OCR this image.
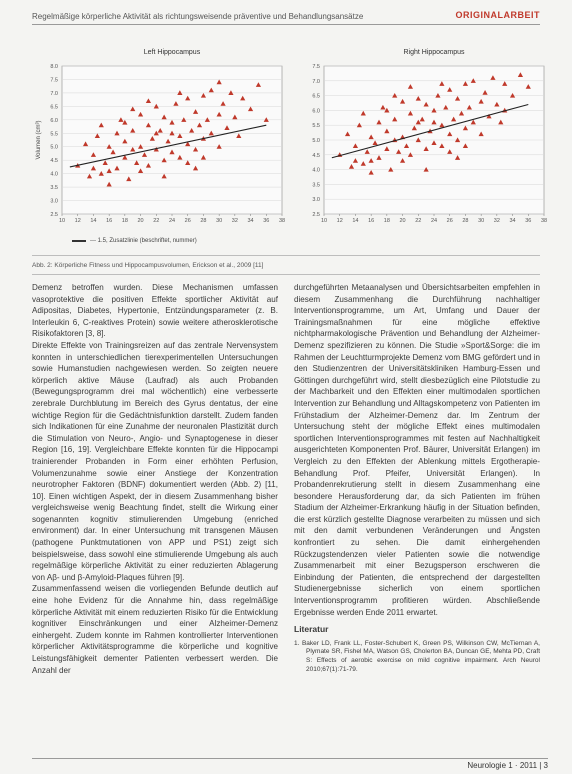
Regelmäßige körperliche Aktivität als richtungsweisende präventive und Behandlungsansätze	ORIGINALARBEIT
Left Hippocampus
2.5
3.0
3.5
4.0
4.5
5.0
5.5
6.0
6.5
7.0
7.5
8.0
10 12 14 16 18 20 22 24 26 28 30 32 34 36 38
Volumen (cm³)
Right Hippocampus
2.5
3.0
3.5
4.0
4.5
5.0
5.5
6.0
6.5
7.0
7.5
10 12 14 16 18 20 22 24 26 28 30 32 34 36 38
--- 1.5, Zusatzlinie (beschriftet, nummer)
Abb. 2: Körperliche Fitness und Hippocampusvolumen, Erickson et al., 2009 [11]

Demenz betroffen wurden. Diese Mechanismen umfassen vasoprotektive die positiven Effekte sportlicher Aktivität auf Adipositas, Diabetes, Hypertonie, Entzündungsparameter (z. B. Interleukin 6, C-reaktives Protein) sowie weitere atherosklerotische Risikofaktoren [3, 8].

Direkte Effekte von Trainingsreizen auf das zentrale Nervensystem konnten in unterschiedlichen tierexperimentellen Untersuchungen sowie Humanstudien nachgewiesen werden. So zeigten neuere körperlich aktive Mäuse (Laufrad) als auch Probanden (Bewegungsprogramm drei mal wöchentlich) eine verbesserte zerebrale Durchblutung im Bereich des Gyrus dentatus, der eine wichtige Region für die Gedächtnisfunktion darstellt. Zudem fanden sich Indikationen für eine Zunahme der neuronalen Plastizität durch die Stimulation von Neuro-, Angio- und Synaptogenese in dieser Region [16, 19]. Vergleichbare Effekte konnten für die Hippocampi trainierender Probanden in Form einer erhöhten Perfusion, Volumenzunahme sowie einer Anstiege der Konzentration neurotropher Faktoren (BDNF) dokumentiert werden (Abb. 2) [11, 10]. Einen wichtigen Aspekt, der in diesem Zusammenhang bisher vergleichsweise wenig Beachtung findet, stellt die Wirkung einer sogenannten kognitiv stimulierenden Umgebung (enriched environment) dar. In einer Untersuchung mit transgenen Mäusen (pathogene Punktmutationen von APP und PS1) zeigt sich beispielsweise, dass sowohl eine stimulierende Umgebung als auch regelmäßige körperliche Aktivität zu einer reduzierten Ablagerung von Aβ- und β-Amyloid-Plaques führen [9].

Zusammenfassend weisen die vorliegenden Befunde deutlich auf eine hohe Evidenz für die Annahme hin, dass regelmäßige körperliche Aktivität mit einem reduzierten Risiko für die Entwicklung kognitiver Einschränkungen und einer Alzheimer-Demenz einhergeht. Zudem konnte im Rahmen kontrollierter Interventionen körperlicher Aktivitätsprogramme die körperliche und kognitive Leistungsfähigkeit dementer Patienten verbessert werden. Die Anzahl der

durchgeführten Metaanalysen und Übersichtsarbeiten empfehlen in diesem Zusammenhang die Durchführung nachhaltiger Interventionsprogramme, um Art, Umfang und Dauer der Trainingsmaßnahmen für eine mögliche effektive nichtpharmakologische Prävention und Behandlung der Alzheimer-Demenz spezifizieren zu können. Die Studie »Sport&Sorge: die im Rahmen der Leuchtturmprojekte Demenz vom BMG gefördert und in den Studienzentren der Universitätskliniken Hamburg-Essen und Göttingen durchgeführt wird, stellt diesbezüglich eine Pilotstudie zu der Machbarkeit und den Effekten einer multimodalen sportlichen Intervention zur Behandlung und Alltagskompetenz von Patienten im Frühstadium der Alzheimer-Demenz dar. Im Zentrum der Untersuchung steht der mögliche Effekt eines multimodalen sportlichen Interventionsprogrammes mit festen auf Nachhaltigkeit ausgerichteten Komponenten Prof. Bäurer, Universität Erlangen) im Vergleich zu den Effekten der Ablenkung mittels Ergotherapie-Behandlung Prof. Pfeifer, Universität Erlangen). In Probandenrekrutierung stellt in diesem Zusammenhang eine besondere Herausforderung dar, da sich Patienten im frühen Stadium der Alzheimer-Erkrankung häufig in der Situation befinden, die erst kürzlich gestellte Diagnose verarbeiten zu müssen und sich mit den damit verbundenen Veränderungen und Ängsten konfrontiert zu sehen. Die damit einhergehenden Rückzugstendenzen vieler Patienten sowie die notwendige Zusammenarbeit mit einer Bezugsperson erschweren die Einbindung der Patienten, die entsprechend der dargestellten Studienergebnisse sicherlich von einem sportlichen Interventionsprogramm profitieren würden. Abschließende Ergebnisse werden Ende 2011 erwartet.

Literatur

1. Baker LD, Frank LL, Foster-Schubert K, Green PS, Wilkinson CW, McTiernan A, Plymate SR, Fishel MA, Watson GS, Cholerton BA, Duncan GE, Mehta PD, Craft S: Effects of aerobic exercise on mild cognitive impairment. Arch Neurol 2010;67(1):71-79.

Neurologie 1 · 2011 | 3
